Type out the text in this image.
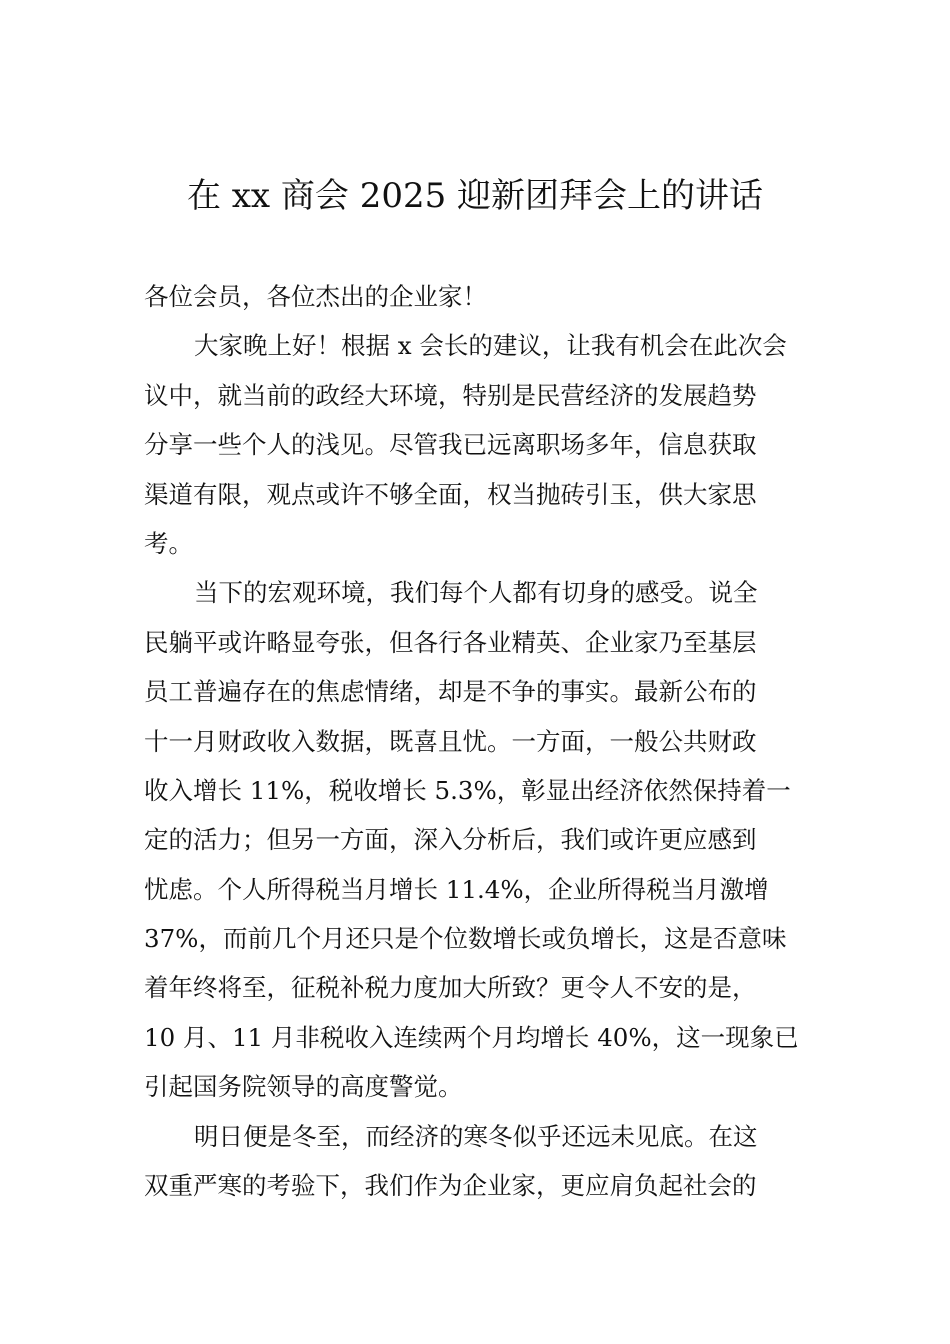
在 xx 商会 2025 迎新团拜会上的讲话
各位会员，各位杰出的企业家！
大家晚上好！根据 x 会长的建议，让我有机会在此次会
议中，就当前的政经大环境，特别是民营经济的发展趋势
分享一些个人的浅见。尽管我已远离职场多年，信息获取
渠道有限，观点或许不够全面，权当抛砖引玉，供大家思
考。
当下的宏观环境，我们每个人都有切身的感受。说全
民躺平或许略显夸张，但各行各业精英、企业家乃至基层
员工普遍存在的焦虑情绪，却是不争的事实。最新公布的
十一月财政收入数据，既喜且忧。一方面，一般公共财政
收入增长 11%，税收增长 5.3%，彰显出经济依然保持着一
定的活力；但另一方面，深入分析后，我们或许更应感到
忧虑。个人所得税当月增长 11.4%，企业所得税当月激增
37%，而前几个月还只是个位数增长或负增长，这是否意味
着年终将至，征税补税力度加大所致？更令人不安的是，
10 月、11 月非税收入连续两个月均增长 40%，这一现象已
引起国务院领导的高度警觉。
明日便是冬至，而经济的寒冬似乎还远未见底。在这
双重严寒的考验下，我们作为企业家，更应肩负起社会的
